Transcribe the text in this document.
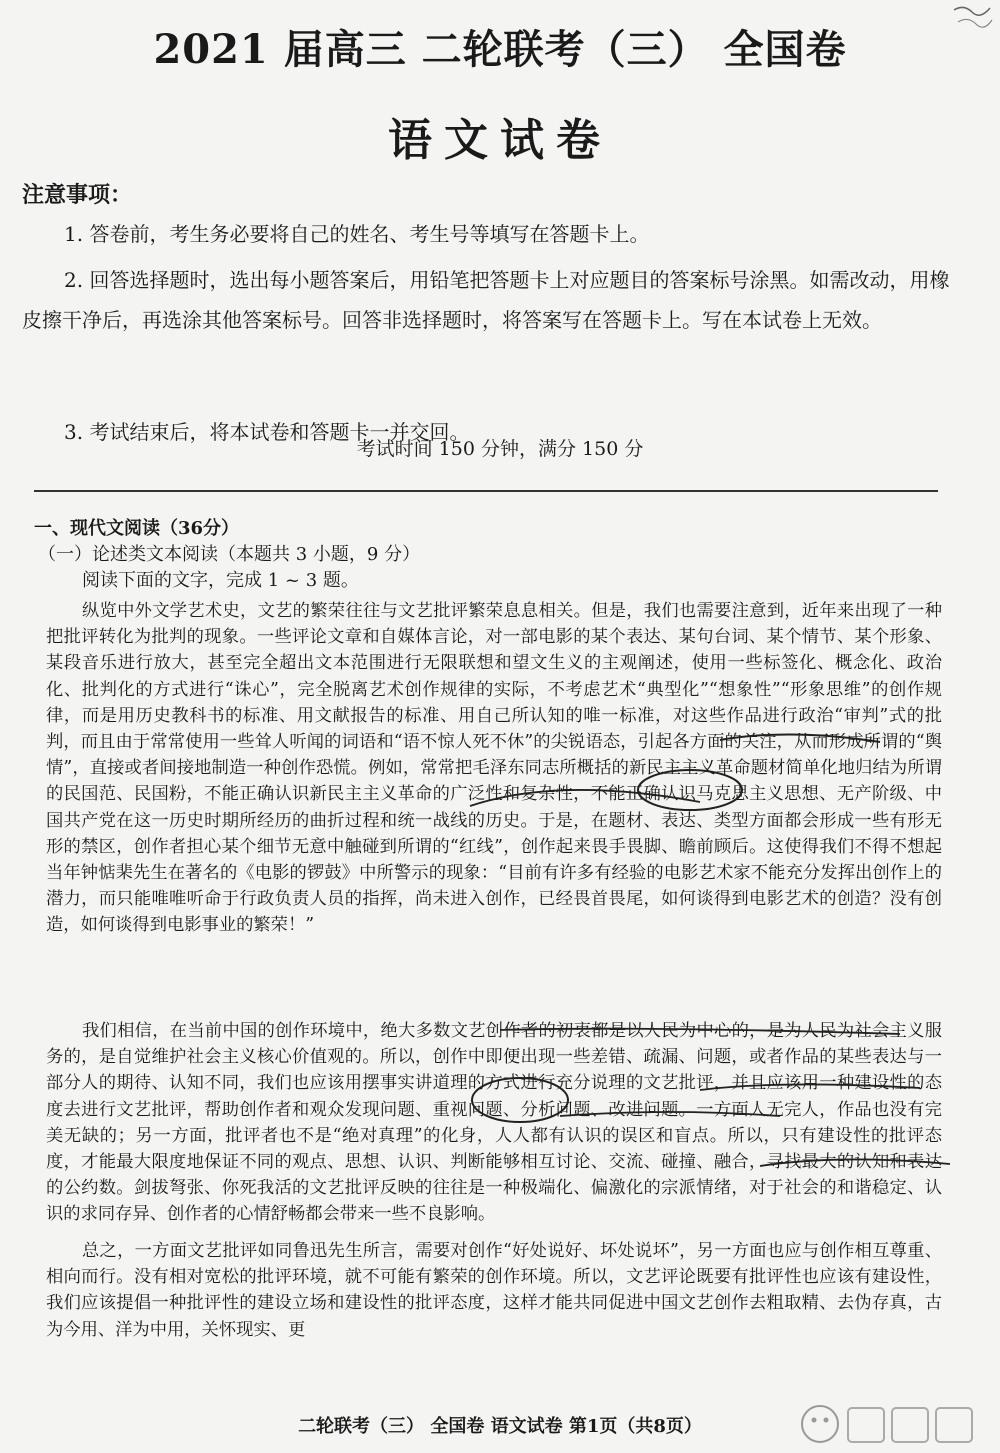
2021 届高三 二轮联考（三） 全国卷
语文试卷
注意事项：
1. 答卷前，考生务必要将自己的姓名、考生号等填写在答题卡上。
2. 回答选择题时，选出每小题答案后，用铅笔把答题卡上对应题目的答案标号涂黑。如需改动，用橡皮擦干净后，再选涂其他答案标号。回答非选择题时，将答案写在答题卡上。写在本试卷上无效。
3. 考试结束后，将本试卷和答题卡一并交回。
考试时间 150 分钟，满分 150 分
一、现代文阅读（36分）
（一）论述类文本阅读（本题共 3 小题，9 分）
阅读下面的文字，完成 1 ~ 3 题。
纵览中外文学艺术史，文艺的繁荣往往与文艺批评繁荣息息相关。但是，我们也需要注意到，近年来出现了一种把批评转化为批判的现象。一些评论文章和自媒体言论，对一部电影的某个表达、某句台词、某个情节、某个形象、某段音乐进行放大，甚至完全超出文本范围进行无限联想和望文生义的主观阐述，使用一些标签化、概念化、政治化、批判化的方式进行“诛心”，完全脱离艺术创作规律的实际，不考虑艺术“典型化”“想象性”“形象思维”的创作规律，而是用历史教科书的标准、用文献报告的标准、用自己所认知的唯一标准，对这些作品进行政治“审判”式的批判，而且由于常常使用一些耸人听闻的词语和“语不惊人死不休”的尖锐语态，引起各方面的关注，从而形成所谓的“舆情”，直接或者间接地制造一种创作恐慌。例如，常常把毛泽东同志所概括的新民主主义革命题材简单化地归结为所谓的民国范、民国粉，不能正确认识新民主主义革命的广泛性和复杂性，不能正确认识马克思主义思想、无产阶级、中国共产党在这一历史时期所经历的曲折过程和统一战线的历史。于是，在题材、表达、类型方面都会形成一些有形无形的禁区，创作者担心某个细节无意中触碰到所谓的“红线”，创作起来畏手畏脚、瞻前顾后。这使得我们不得不想起当年钟惦棐先生在著名的《电影的锣鼓》中所警示的现象：“目前有许多有经验的电影艺术家不能充分发挥出创作上的潜力，而只能唯唯听命于行政负责人员的指挥，尚未进入创作，已经畏首畏尾，如何谈得到电影艺术的创造？没有创造，如何谈得到电影事业的繁荣！”
我们相信，在当前中国的创作环境中，绝大多数文艺创作者的初衷都是以人民为中心的，是为人民为社会主义服务的，是自觉维护社会主义核心价值观的。所以，创作中即便出现一些差错、疏漏、问题，或者作品的某些表达与一部分人的期待、认知不同，我们也应该用摆事实讲道理的方式进行充分说理的文艺批评，并且应该用一种建设性的态度去进行文艺批评，帮助创作者和观众发现问题、重视问题、分析问题、改进问题。一方面人无完人，作品也没有完美无缺的；另一方面，批评者也不是“绝对真理”的化身，人人都有认识的误区和盲点。所以，只有建设性的批评态度，才能最大限度地保证不同的观点、思想、认识、判断能够相互讨论、交流、碰撞、融合，寻找最大的认知和表达的公约数。剑拔弩张、你死我活的文艺批评反映的往往是一种极端化、偏激化的宗派情绪，对于社会的和谐稳定、认识的求同存异、创作者的心情舒畅都会带来一些不良影响。
总之，一方面文艺批评如同鲁迅先生所言，需要对创作“好处说好、坏处说坏”，另一方面也应与创作相互尊重、相向而行。没有相对宽松的批评环境，就不可能有繁荣的创作环境。所以，文艺评论既要有批评性也应该有建设性，我们应该提倡一种批评性的建设立场和建设性的批评态度，这样才能共同促进中国文艺创作去粗取精、去伪存真，古为今用、洋为中用，关怀现实、更
二轮联考（三） 全国卷 语文试卷 第1页（共8页）
